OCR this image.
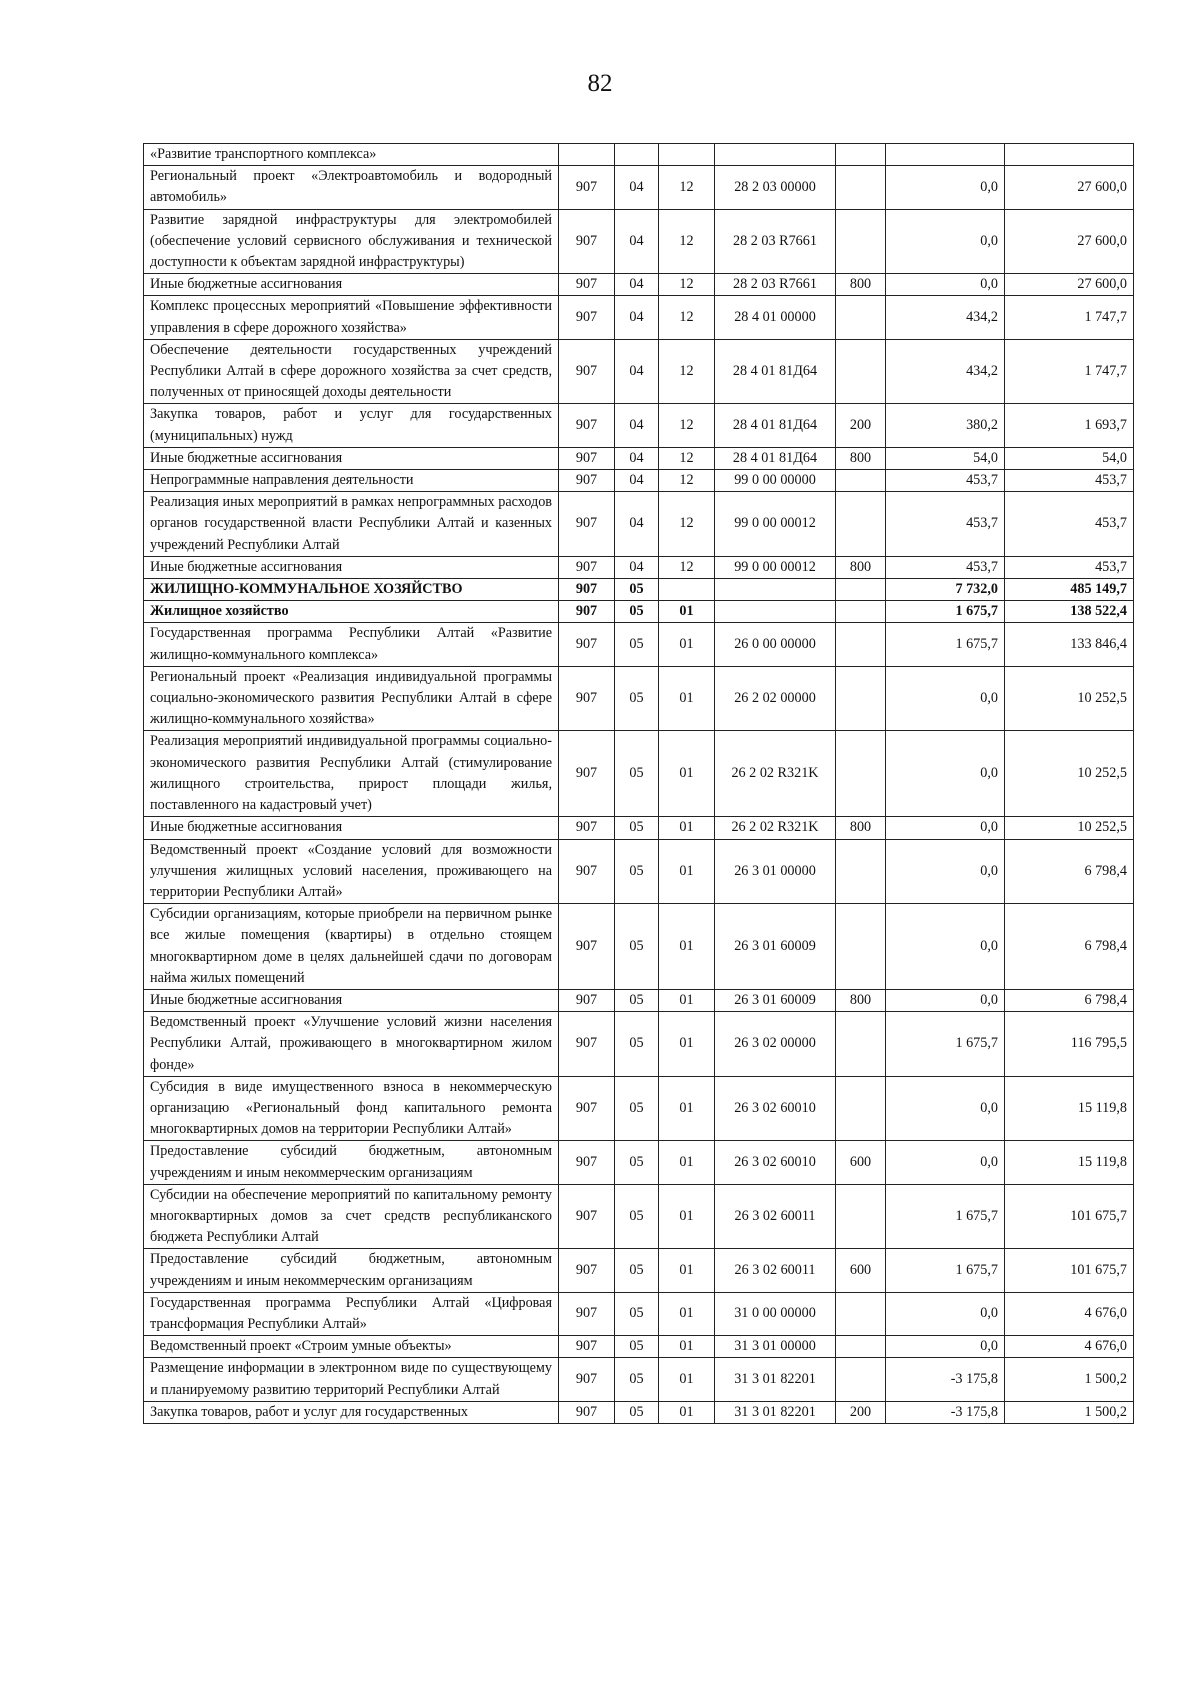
82
«Развитие транспортного комплекса»							
Региональный проект «Электроавтомобиль и водородный автомобиль»	907	04	12	28 2 03 00000		0,0	27 600,0
Развитие зарядной инфраструктуры для электромобилей (обеспечение условий сервисного обслуживания и технической доступности к объектам зарядной инфраструктуры)	907	04	12	28 2 03 R7661		0,0	27 600,0
Иные бюджетные ассигнования	907	04	12	28 2 03 R7661	800	0,0	27 600,0
Комплекс процессных мероприятий «Повышение эффективности управления в сфере дорожного хозяйства»	907	04	12	28 4 01 00000		434,2	1 747,7
Обеспечение деятельности государственных учреждений Республики Алтай в сфере дорожного хозяйства за счет средств, полученных от приносящей доходы деятельности	907	04	12	28 4 01 81Д64		434,2	1 747,7
Закупка товаров, работ и услуг для государственных (муниципальных) нужд	907	04	12	28 4 01 81Д64	200	380,2	1 693,7
Иные бюджетные ассигнования	907	04	12	28 4 01 81Д64	800	54,0	54,0
Непрограммные направления деятельности	907	04	12	99 0 00 00000		453,7	453,7
Реализация иных мероприятий в рамках непрограммных расходов органов государственной власти Республики Алтай и казенных учреждений Республики Алтай	907	04	12	99 0 00 00012		453,7	453,7
Иные бюджетные ассигнования	907	04	12	99 0 00 00012	800	453,7	453,7
ЖИЛИЩНО-КОММУНАЛЬНОЕ ХОЗЯЙСТВО	907	05				7 732,0	485 149,7
Жилищное хозяйство	907	05	01			1 675,7	138 522,4
Государственная программа Республики Алтай «Развитие жилищно-коммунального комплекса»	907	05	01	26 0 00 00000		1 675,7	133 846,4
Региональный проект «Реализация индивидуальной программы социально-экономического развития Республики Алтай в сфере жилищно-коммунального хозяйства»	907	05	01	26 2 02 00000		0,0	10 252,5
Реализация мероприятий индивидуальной программы социально-экономического развития Республики Алтай (стимулирование жилищного строительства, прирост площади жилья, поставленного на кадастровый учет)	907	05	01	26 2 02 R321K		0,0	10 252,5
Иные бюджетные ассигнования	907	05	01	26 2 02 R321K	800	0,0	10 252,5
Ведомственный проект «Создание условий для возможности улучшения жилищных условий населения, проживающего на территории Республики Алтай»	907	05	01	26 3 01 00000		0,0	6 798,4
Субсидии организациям, которые приобрели на первичном рынке все жилые помещения (квартиры) в отдельно стоящем многоквартирном доме в целях дальнейшей сдачи по договорам найма жилых помещений	907	05	01	26 3 01 60009		0,0	6 798,4
Иные бюджетные ассигнования	907	05	01	26 3 01 60009	800	0,0	6 798,4
Ведомственный проект «Улучшение условий жизни населения Республики Алтай, проживающего в многоквартирном жилом фонде»	907	05	01	26 3 02 00000		1 675,7	116 795,5
Субсидия в виде имущественного взноса в некоммерческую организацию «Региональный фонд капитального ремонта многоквартирных домов на территории Республики Алтай»	907	05	01	26 3 02 60010		0,0	15 119,8
Предоставление субсидий бюджетным, автономным учреждениям и иным некоммерческим организациям	907	05	01	26 3 02 60010	600	0,0	15 119,8
Субсидии на обеспечение мероприятий по капитальному ремонту многоквартирных домов за счет средств республиканского бюджета Республики Алтай	907	05	01	26 3 02 60011		1 675,7	101 675,7
Предоставление субсидий бюджетным, автономным учреждениям и иным некоммерческим организациям	907	05	01	26 3 02 60011	600	1 675,7	101 675,7
Государственная программа Республики Алтай «Цифровая трансформация Республики Алтай»	907	05	01	31 0 00 00000		0,0	4 676,0
Ведомственный проект «Строим умные объекты»	907	05	01	31 3 01 00000		0,0	4 676,0
Размещение информации в электронном виде по существующему и планируемому развитию территорий Республики Алтай	907	05	01	31 3 01 82201		-3 175,8	1 500,2
Закупка товаров, работ и услуг для государственных	907	05	01	31 3 01 82201	200	-3 175,8	1 500,2
